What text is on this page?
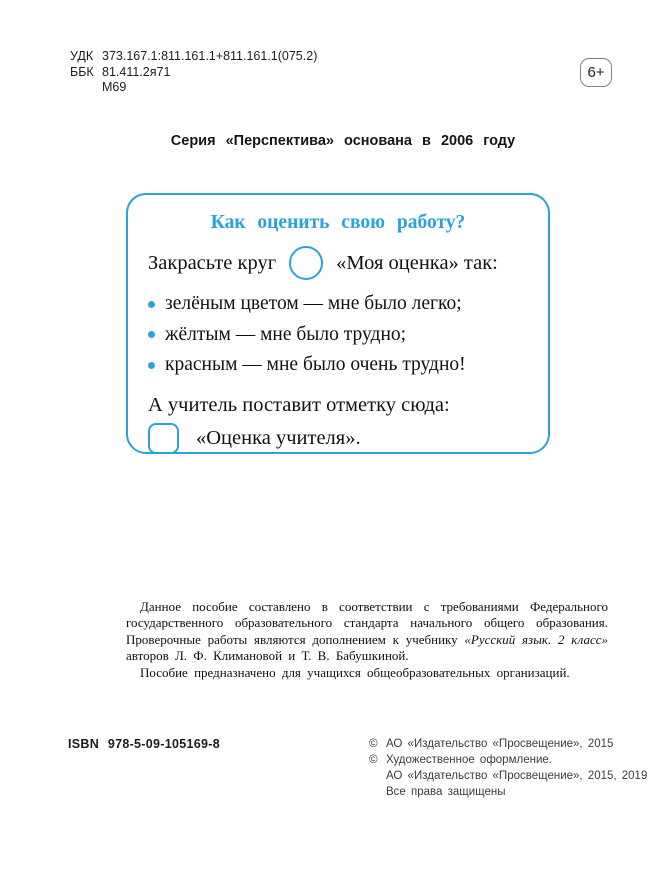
УДК 373.167.1:811.161.1+811.161.1(075.2)
ББК 81.411.2я71
М69
6+
Серия «Перспектива» основана в 2006 году
Как оценить свою работу?
Закрасьте круг	«Моя оценка» так:
зелёным цветом — мне было легко;
жёлтым — мне было трудно;
красным — мне было очень трудно!
А учитель поставит отметку сюда:
«Оценка учителя».

Данное пособие составлено в соответствии с требованиями Федерального государственного образовательного стандарта начального общего образования. Проверочные работы являются дополнением к учебнику «Русский язык. 2 класс» авторов Л. Ф. Климановой и Т. В. Бабушкиной.

Пособие предназначено для учащихся общеобразовательных организаций.

ISBN 978-5-09-105169-8	© АО «Издательство «Просвещение», 2015
© Художественное оформление.
АО «Издательство «Просвещение», 2015, 2019
Все права защищены
